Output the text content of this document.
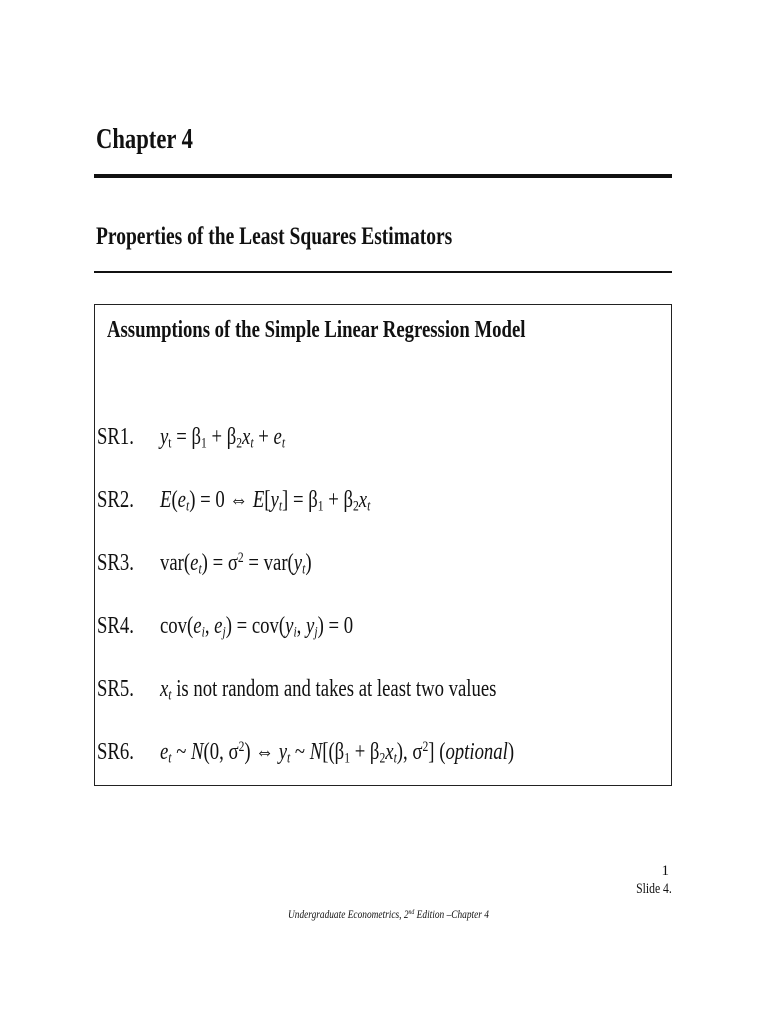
Chapter 4
Properties of the Least Squares Estimators
Assumptions of the Simple Linear Regression Model
SR1. $y_t = \beta_1 + \beta_2x_t + e_t$
SR2. $E(e_t) = 0$ ⇔ $E[y_t] = \beta_1 + \beta_2x_t$
SR3. $var(e_t) = \sigma^2 = var(y_t)$
SR4. $cov(e_i$, $e_j) = cov(y_i$, $y_j) = 0$
SR5. $x_t$ is not random and takes at least two values
SR6. $e_t$ ~ N(0, $\sigma^2$) ⇔ $y_t$ ~ $N[(\beta_1 + \beta_2x_t)$, $\sigma^2$] (optional)
1
Slide 4.
Undergraduate Econometrics, 2nd Edition –Chapter 4
